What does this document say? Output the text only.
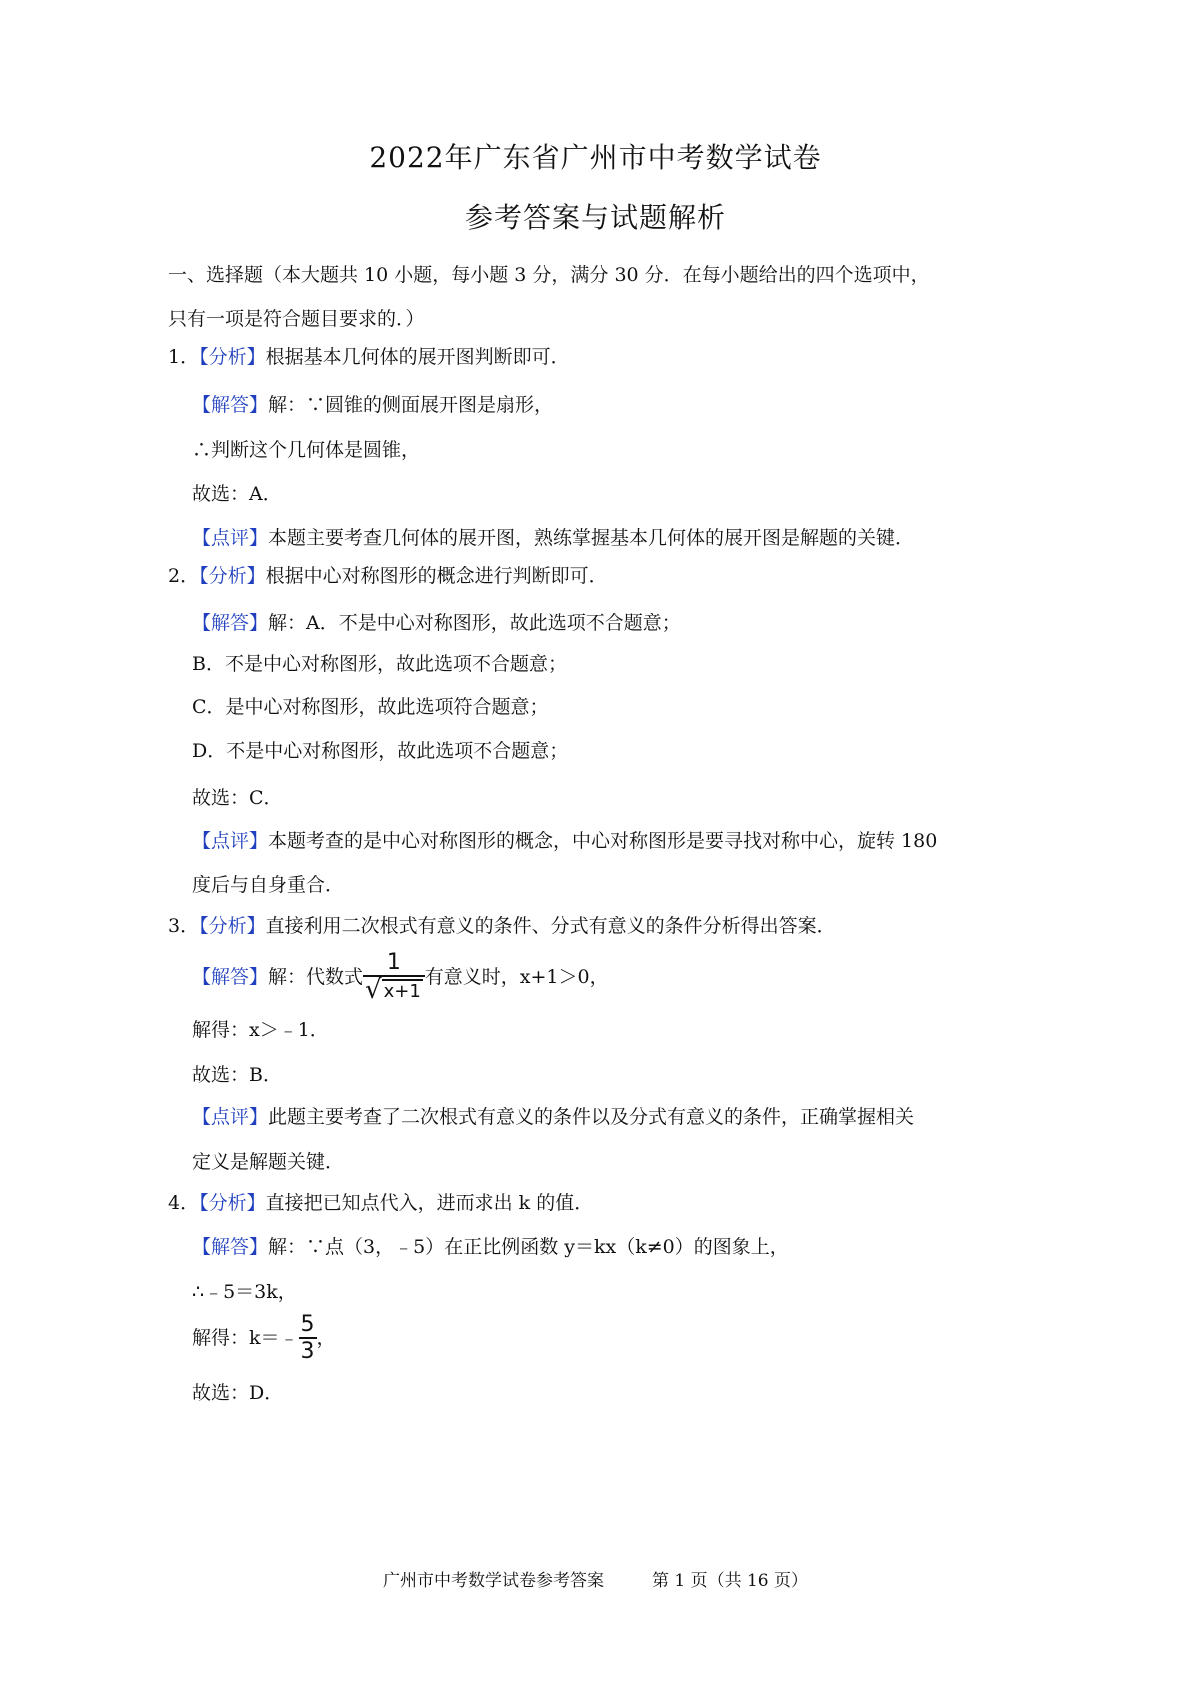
2022年广东省广州市中考数学试卷
参考答案与试题解析
一、选择题（本大题共 10 小题，每小题 3 分，满分 30 分．在每小题给出的四个选项中，
只有一项是符合题目要求的．）
1．【分析】根据基本几何体的展开图判断即可．
【解答】解：∵圆锥的侧面展开图是扇形，
∴判断这个几何体是圆锥，
故选：A．
【点评】本题主要考查几何体的展开图，熟练掌握基本几何体的展开图是解题的关键．
2．【分析】根据中心对称图形的概念进行判断即可．
【解答】解：A．不是中心对称图形，故此选项不合题意；
B．不是中心对称图形，故此选项不合题意；
C．是中心对称图形，故此选项符合题意；
D．不是中心对称图形，故此选项不合题意；
故选：C．
【点评】本题考查的是中心对称图形的概念，中心对称图形是要寻找对称中心，旋转 180
度后与自身重合．
3．【分析】直接利用二次根式有意义的条件、分式有意义的条件分析得出答案．
【解答】解：代数式 $\frac{1}{√ x+1}$ 有意义时，x+1＞0，
解得：x＞﹣1．
故选：B．
【点评】此题主要考查了二次根式有意义的条件以及分式有意义的条件，正确掌握相关
定义是解题关键．
4．【分析】直接把已知点代入，进而求出 k 的值．
【解答】解：∵点（3，﹣5）在正比例函数 y＝kx（k≠0）的图象上，
∴﹣5＝3k，
解得：k＝﹣ $\frac{5}{3}$ ，
故选：D．
广州市中考数学试卷参考答案	第 1 页（共 16 页）
